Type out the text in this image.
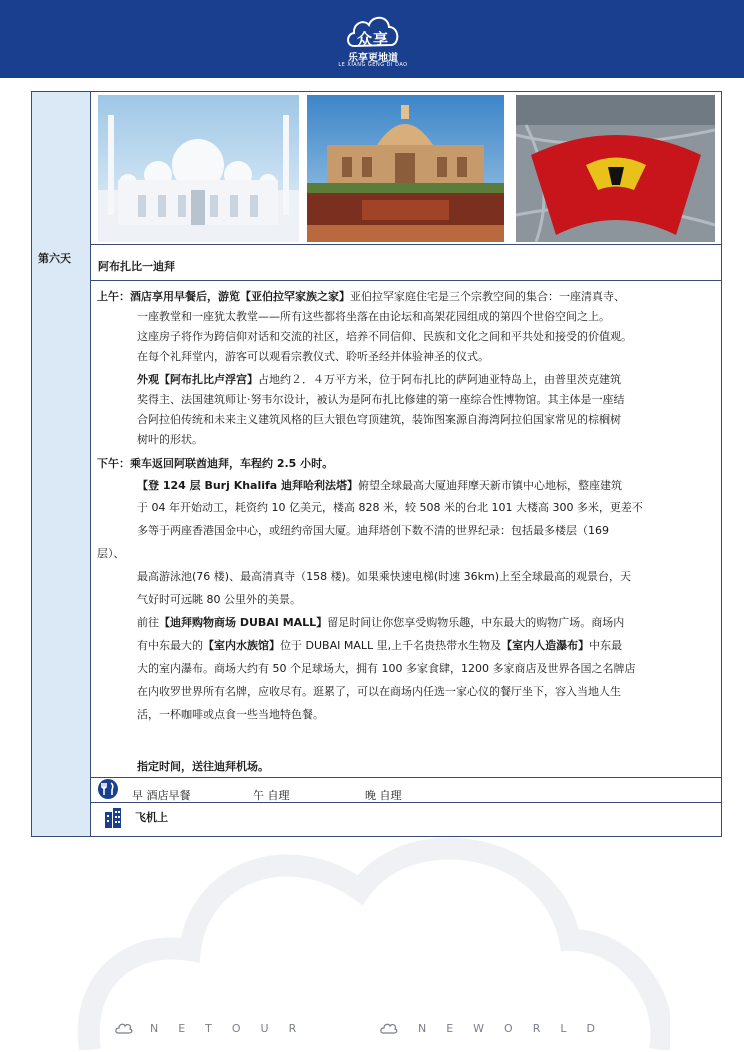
众享
乐享更地道
LE XIANG GENG DI DAO
第六天
阿布扎比一迪拜
上午：酒店享用早餐后，游览【亚伯拉罕家族之家】亚伯拉罕家庭住宅是三个宗教空间的集合：一座清真寺、
一座教堂和一座犹太教堂——所有这些都将坐落在由论坛和高架花园组成的第四个世俗空间之上。
这座房子将作为跨信仰对话和交流的社区，培养不同信仰、民族和文化之间和平共处和接受的价值观。
在每个礼拜堂内，游客可以观看宗教仪式、聆听圣经并体验神圣的仪式。
外观【阿布扎比卢浮宫】占地约２．４万平方米，位于阿布扎比的萨阿迪亚特岛上，由普里茨克建筑
奖得主、法国建筑师让·努韦尔设计，被认为是阿布扎比修建的第一座综合性博物馆。其主体是一座结
合阿拉伯传统和未来主义建筑风格的巨大银色穹顶建筑，装饰图案源自海湾阿拉伯国家常见的棕榈树
树叶的形状。
下午：乘车返回阿联酋迪拜，车程约 2.5 小时。
【登 124 层 Burj Khalifa 迪拜哈利法塔】俯望全球最高大厦迪拜摩天新市镇中心地标，整座建筑
于 04 年开始动工，耗资约 10 亿美元，楼高 828 米，较 508 米的台北 101 大楼高 300 多米，更差不
多等于两座香港国金中心，或纽约帝国大厦。迪拜塔创下数不清的世界纪录：包括最多楼层（169
层）、
最高游泳池(76 楼)、最高清真寺（158 楼)。如果乘快速电梯(时速 36km)上至全球最高的观景台，天
气好时可远眺 80 公里外的美景。
前往【迪拜购物商场 DUBAI MALL】留足时间让你您享受购物乐趣，中东最大的购物广场。商场内
有中东最大的【室内水族馆】位于 DUBAI MALL 里,上千名贵热带水生物及【室内人造瀑布】中东最
大的室内瀑布。商场大约有 50 个足球场大，拥有 100 多家食肆，1200 多家商店及世界各国之名牌店
在内收罗世界所有名牌，应收尽有。逛累了，可以在商场内任选一家心仪的餐厅坐下，容入当地人生
活，一杯咖啡或点食一些当地特色餐。
指定时间，送往迪拜机场。
早 酒店早餐	午 自理	晚 自理
飞机上
NETOUR	NEWORLD
